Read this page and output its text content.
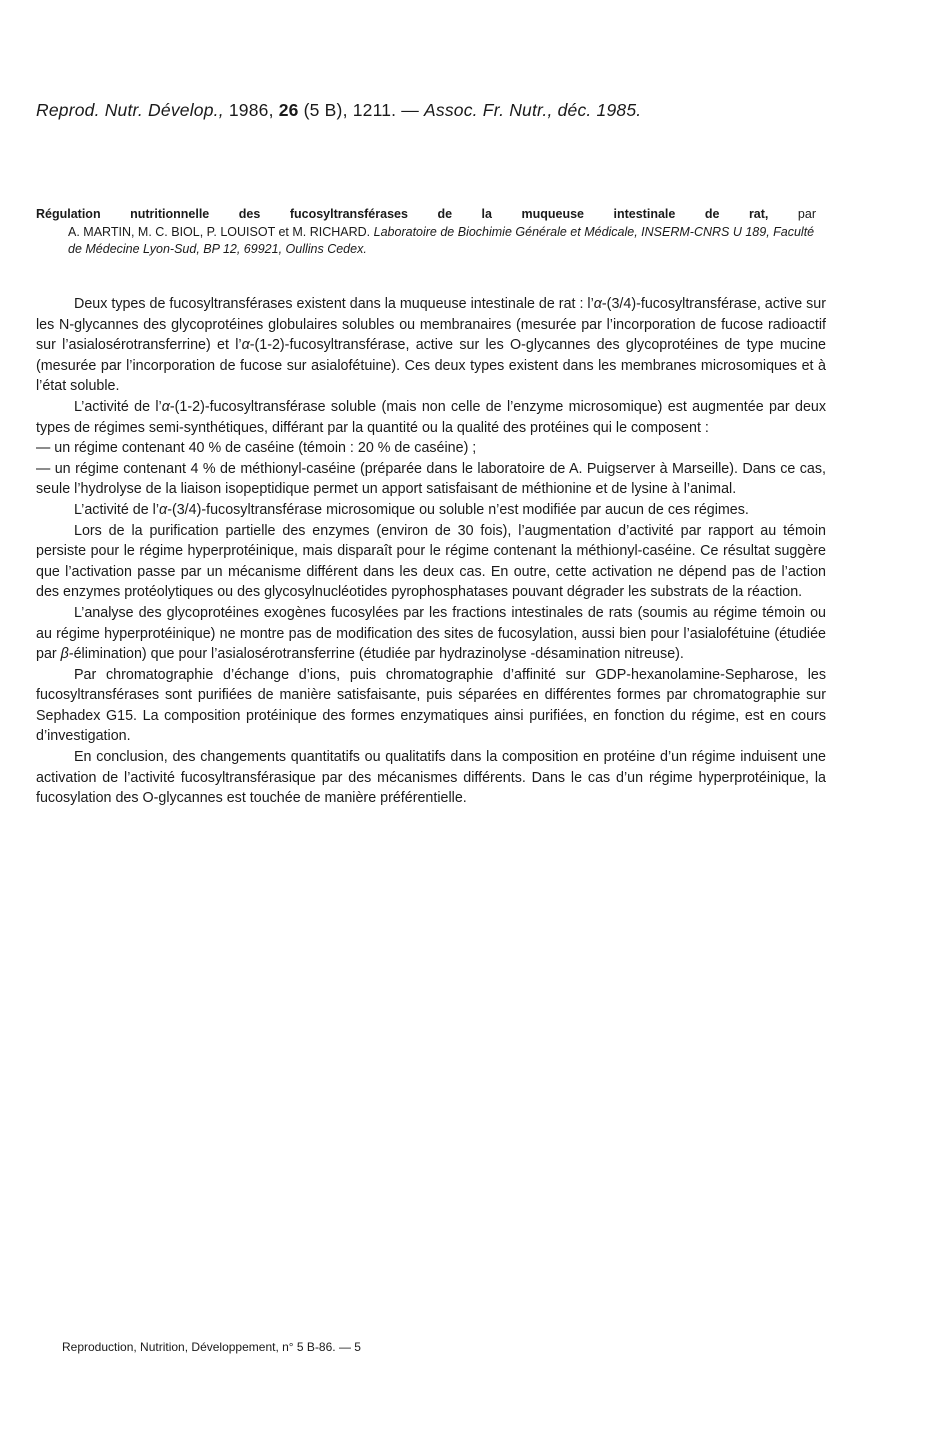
Reprod. Nutr. Dévelop., 1986, 26 (5 B), 1211. — Assoc. Fr. Nutr., déc. 1985.
Régulation nutritionnelle des fucosyltransférases de la muqueuse intestinale de rat, par
A. MARTIN, M. C. BIOL, P. LOUISOT et M. RICHARD. Laboratoire de Biochimie Générale et Médicale, INSERM-CNRS U 189, Faculté de Médecine Lyon-Sud, BP 12, 69921, Oullins Cedex.

Deux types de fucosyltransférases existent dans la muqueuse intestinale de rat : l’α-(3/4)-fucosyltransférase, active sur les N-glycannes des glycoprotéines globulaires solubles ou membranaires (mesurée par l’incorporation de fucose radioactif sur l’asialosérotransferrine) et l’α-(1-2)-fucosyltransférase, active sur les O-glycannes des glycoprotéines de type mucine (mesurée par l’incorporation de fucose sur asialofétuine). Ces deux types existent dans les membranes microsomiques et à l’état soluble.

L’activité de l’α-(1-2)-fucosyltransférase soluble (mais non celle de l’enzyme microsomique) est augmentée par deux types de régimes semi-synthétiques, différant par la quantité ou la qualité des protéines qui le composent :

— un régime contenant 40 % de caséine (témoin : 20 % de caséine) ;

— un régime contenant 4 % de méthionyl-caséine (préparée dans le laboratoire de A. Puigserver à Marseille). Dans ce cas, seule l’hydrolyse de la liaison isopeptidique permet un apport satisfaisant de méthionine et de lysine à l’animal.

L’activité de l’α-(3/4)-fucosyltransférase microsomique ou soluble n’est modifiée par aucun de ces régimes.

Lors de la purification partielle des enzymes (environ de 30 fois), l’augmentation d’activité par rapport au témoin persiste pour le régime hyperprotéinique, mais disparaît pour le régime contenant la méthionyl-caséine. Ce résultat suggère que l’activation passe par un mécanisme différent dans les deux cas. En outre, cette activation ne dépend pas de l’action des enzymes protéolytiques ou des glycosylnucléotides pyrophosphatases pouvant dégrader les substrats de la réaction.

L’analyse des glycoprotéines exogènes fucosylées par les fractions intestinales de rats (soumis au régime témoin ou au régime hyperprotéinique) ne montre pas de modification des sites de fucosylation, aussi bien pour l’asialofétuine (étudiée par β-élimination) que pour l’asialosérotransferrine (étudiée par hydrazinolyse -désamination nitreuse).

Par chromatographie d’échange d’ions, puis chromatographie d’affinité sur GDP-hexanolamine-Sepharose, les fucosyltransférases sont purifiées de manière satisfaisante, puis séparées en différentes formes par chromatographie sur Sephadex G15. La composition protéinique des formes enzymatiques ainsi purifiées, en fonction du régime, est en cours d’investigation.

En conclusion, des changements quantitatifs ou qualitatifs dans la composition en protéine d’un régime induisent une activation de l’activité fucosyltransférasique par des mécanismes différents. Dans le cas d’un régime hyperprotéinique, la fucosylation des O-glycannes est touchée de manière préférentielle.

Reproduction, Nutrition, Développement, n° 5 B-86. — 5
